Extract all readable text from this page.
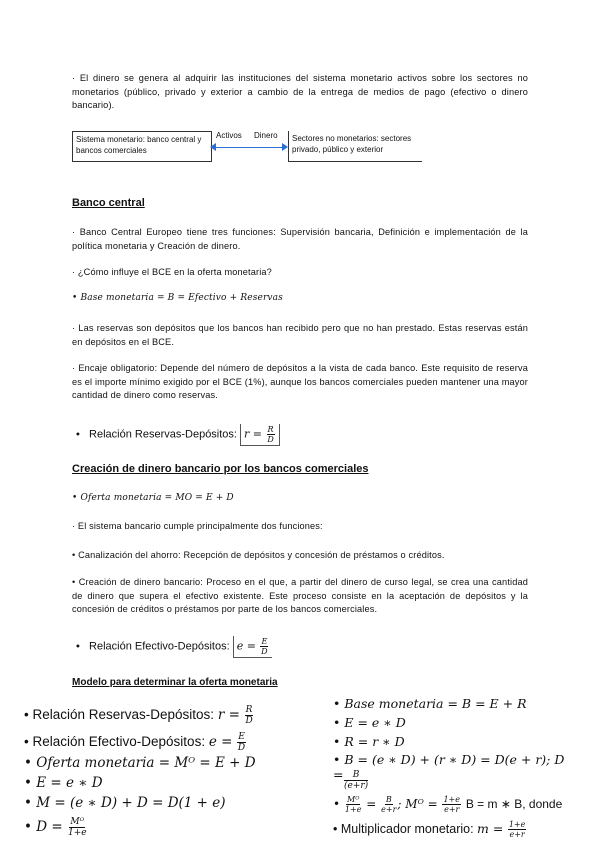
· El dinero se genera al adquirir las instituciones del sistema monetario activos sobre los sectores no monetarios (público, privado y exterior a cambio de la entrega de medios de pago (efectivo o dinero bancario).
Sistema monetario: banco central y bancos comerciales
Activos Dinero	Sectores no monetarios: sectores privado, público y exterior
Banco central
· Banco Central Europeo tiene tres funciones: Supervisión bancaria, Definición e implementación de la política monetaria y Creación de dinero.
· ¿Cómo influye el BCE en la oferta monetaria?
• Base monetaria = B = Efectivo + Reservas
· Las reservas son depósitos que los bancos han recibido pero que no han prestado. Estas reservas están en depósitos en el BCE.
· Encaje obligatorio: Depende del número de depósitos a la vista de cada banco. Este requisito de reserva es el importe mínimo exigido por el BCE (1%), aunque los bancos comerciales pueden mantener una mayor cantidad de dinero como reservas.
• Relación Reservas-Depósitos: $r = \frac{R}{D}$
Creación de dinero bancario por los bancos comerciales
• Oferta monetaria = MO = E + D
· El sistema bancario cumple principalmente dos funciones:
• Canalización del ahorro: Recepción de depósitos y concesión de préstamos o créditos.
• Creación de dinero bancario: Proceso en el que, a partir del dinero de curso legal, se crea una cantidad de dinero que supera el efectivo existente. Este proceso consiste en la aceptación de depósitos y la concesión de créditos o préstamos por parte de los bancos comerciales.
• Relación Efectivo-Depósitos: $e = \frac{E}{D}$
Modelo para determinar la oferta monetaria
• Relación Reservas-Depósitos: $r = \frac{R}{D}$
• Relación Efectivo-Depósitos: $e = \frac{E}{D}$
• Oferta monetaria = Mᴼ = E + D
• E = e ∗ D
• M = (e ∗ D) + D = D(1 + e)
• $D = \frac{\text{Mᴼ}}{1+e}$
• Base monetaria = B = E + R
• E = e ∗ D
• R = r ∗ D
• B = (e ∗ D) + (r ∗ D) = D(e + r); D =	B
(e+r)
• $\frac{\text{Mᴼ}}{1+e} = \frac{B}{e+r}$ ; Mᴼ = $\frac{1+e}{e+r}$ B = m ∗ B, donde
• Multiplicador monetario: $m = \frac{1+e}{e+r}$
